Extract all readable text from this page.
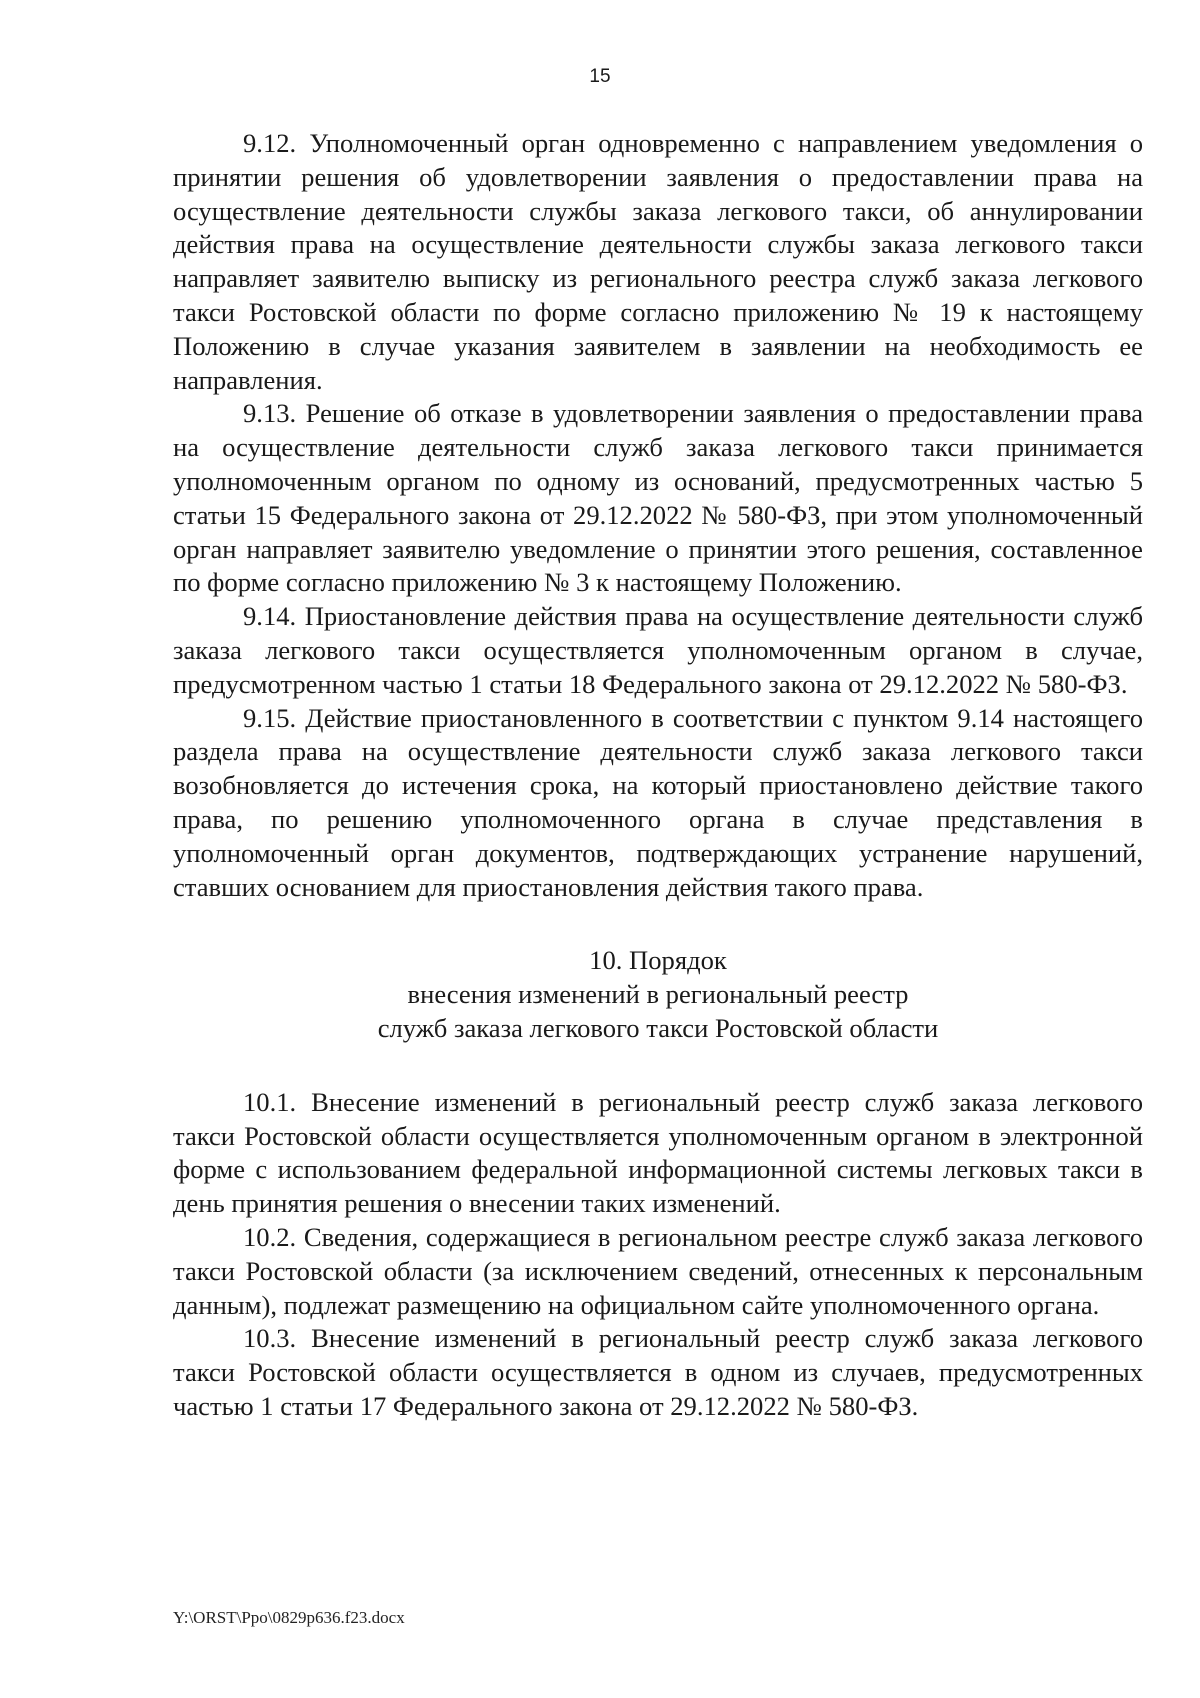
15

9.12. Уполномоченный орган одновременно с направлением уведомления о принятии решения об удовлетворении заявления о предоставлении права на осуществление деятельности службы заказа легкового такси, об аннулировании действия права на осуществление деятельности службы заказа легкового такси направляет заявителю выписку из регионального реестра служб заказа легкового такси Ростовской области по форме согласно приложению № 19 к настоящему Положению в случае указания заявителем в заявлении на необходимость ее направления.

9.13. Решение об отказе в удовлетворении заявления о предоставлении права на осуществление деятельности служб заказа легкового такси принимается уполномоченным органом по одному из оснований, предусмотренных частью 5 статьи 15 Федерального закона от 29.12.2022 № 580-ФЗ, при этом уполномоченный орган направляет заявителю уведомление о принятии этого решения, составленное по форме согласно приложению № 3 к настоящему Положению.

9.14. Приостановление действия права на осуществление деятельности служб заказа легкового такси осуществляется уполномоченным органом в случае, предусмотренном частью 1 статьи 18 Федерального закона от 29.12.2022 № 580-ФЗ.

9.15. Действие приостановленного в соответствии с пунктом 9.14 настоящего раздела права на осуществление деятельности служб заказа легкового такси возобновляется до истечения срока, на который приостановлено действие такого права, по решению уполномоченного органа в случае представления в уполномоченный орган документов, подтверждающих устранение нарушений, ставших основанием для приостановления действия такого права.

10. Порядок

внесения изменений в региональный реестр

служб заказа легкового такси Ростовской области

10.1. Внесение изменений в региональный реестр служб заказа легкового такси Ростовской области осуществляется уполномоченным органом в электронной форме с использованием федеральной информационной системы легковых такси в день принятия решения о внесении таких изменений.

10.2. Сведения, содержащиеся в региональном реестре служб заказа легкового такси Ростовской области (за исключением сведений, отнесенных к персональным данным), подлежат размещению на официальном сайте уполномоченного органа.

10.3. Внесение изменений в региональный реестр служб заказа легкового такси Ростовской области осуществляется в одном из случаев, предусмотренных частью 1 статьи 17 Федерального закона от 29.12.2022 № 580-ФЗ.

Y:\ORST\Ppo\0829p636.f23.docx
